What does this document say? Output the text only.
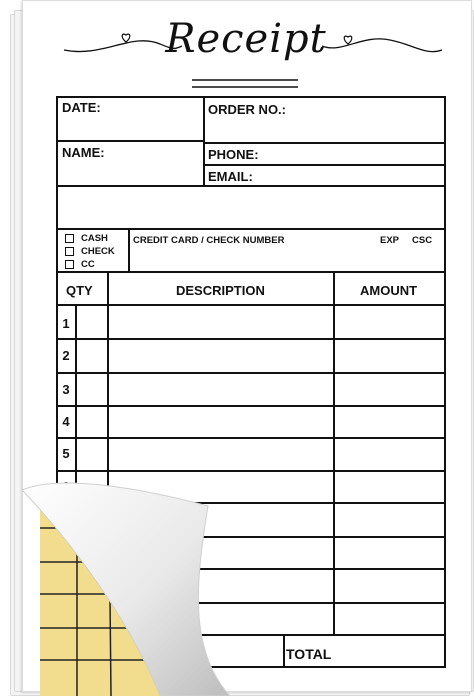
Receipt
DATE:	ORDER NO.:
NAME:	PHONE:
EMAIL:
CASH
CHECK
CC
CREDIT CARD / CHECK NUMBER	EXP CSC
QTY	DESCRIPTION	AMOUNT
1
2
3
4
5
TOTAL
